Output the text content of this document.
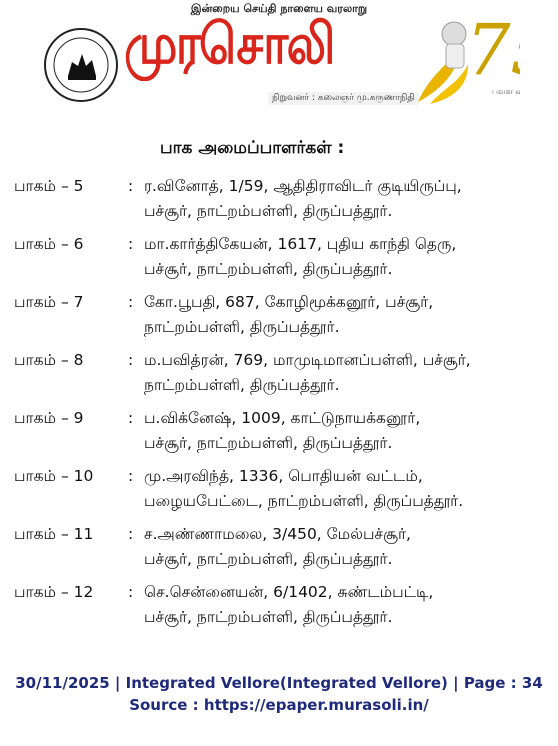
இன்றைய செய்தி நாளைய வரலாறு
முரசொலி
நிறுவனர் : கலைஞர் மு.கருணாநிதி
7
பவள வி
பாக அமைப்பாளர்கள் :
பாகம் – 5	: ர.வினோத், 1/59, ஆதிதிராவிடர் குடியிருப்பு,
பச்சூர், நாட்றம்பள்ளி, திருப்பத்தூர்.
பாகம் – 6	: மா.கார்த்திகேயன், 1617, புதிய காந்தி தெரு,
பச்சூர், நாட்றம்பள்ளி, திருப்பத்தூர்.
பாகம் – 7	: கோ.பூபதி, 687, கோழிமூக்கனூர், பச்சூர்,
நாட்றம்பள்ளி, திருப்பத்தூர்.
பாகம் – 8	: ம.பவித்ரன், 769, மாமுடிமானப்பள்ளி, பச்சூர்,
நாட்றம்பள்ளி, திருப்பத்தூர்.
பாகம் – 9	: ப.விக்னேஷ், 1009, காட்டுநாயக்கனூர்,
பச்சூர், நாட்றம்பள்ளி, திருப்பத்தூர்.
பாகம் – 10 : மு.அரவிந்த், 1336, பொதியன் வட்டம்,
பழையபேட்டை, நாட்றம்பள்ளி, திருப்பத்தூர்.
பாகம் – 11 : ச.அண்ணாமலை, 3/450, மேல்பச்சூர்,
பச்சூர், நாட்றம்பள்ளி, திருப்பத்தூர்.
பாகம் – 12 : செ.சென்னையன், 6/1402, சுண்டம்பட்டி,
பச்சூர், நாட்றம்பள்ளி, திருப்பத்தூர்.
30/11/2025 | Integrated Vellore(Integrated Vellore) | Page : 34
Source : https://epaper.murasoli.in/
